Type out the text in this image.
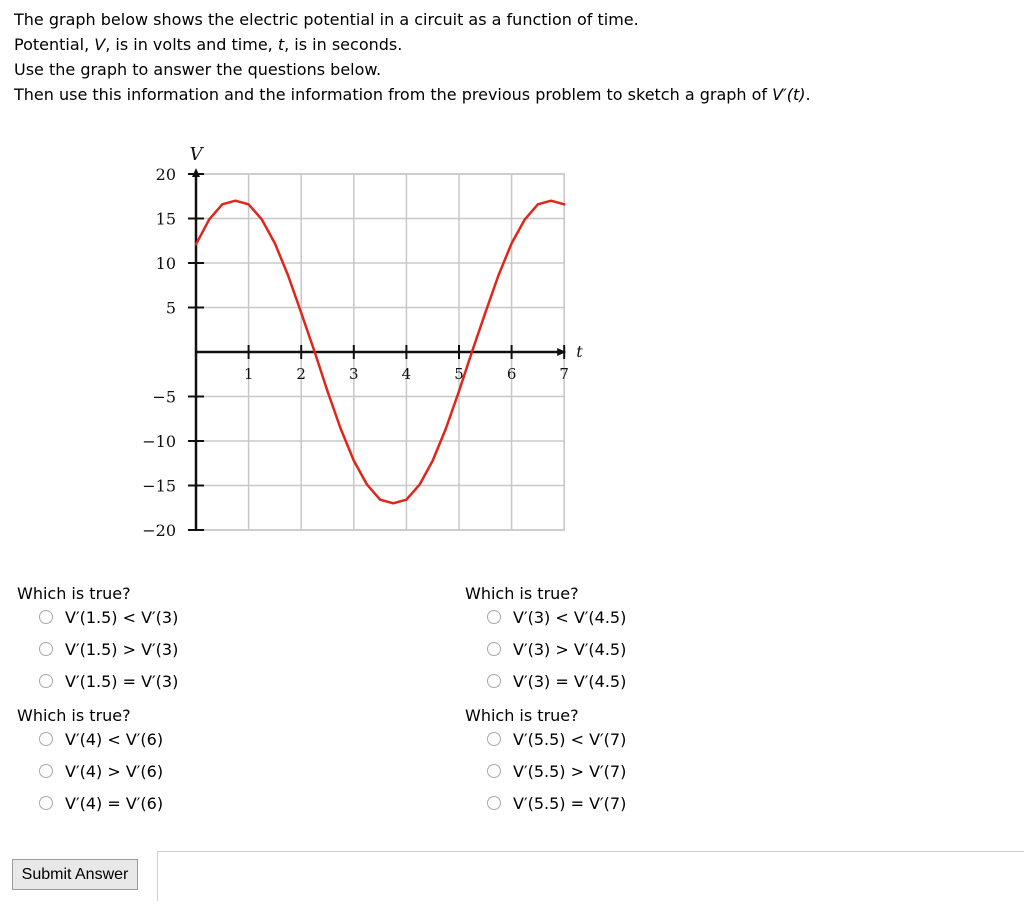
The graph below shows the electric potential in a circuit as a function of time.

Potential, V, is in volts and time, t, is in seconds.

Use the graph to answer the questions below.

Then use this information and the information from the previous problem to sketch a graph of V′(t).

20
15
10
5
−5
−10
−15
−20
1	2	3	4	5	6	7
t
V
Which is true?
V′(1.5) < V′(3)
V′(1.5) > V′(3)
V′(1.5) = V′(3)
Which is true?
V′(3) < V′(4.5)
V′(3) > V′(4.5)
V′(3) = V′(4.5)
Which is true?
V′(4) < V′(6)
V′(4) > V′(6)
V′(4) = V′(6)
Which is true?
V′(5.5) < V′(7)
V′(5.5) > V′(7)
V′(5.5) = V′(7)
Submit Answer
